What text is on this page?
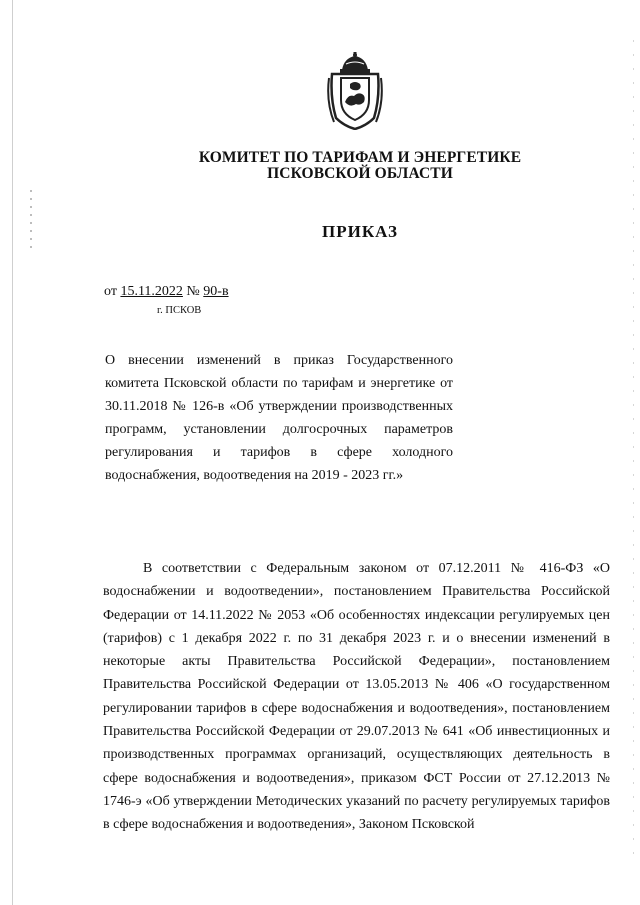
КОМИТЕТ ПО ТАРИФАМ И ЭНЕРГЕТИКЕ
ПСКОВСКОЙ ОБЛАСТИ
ПРИКАЗ
от 15.11.2022 № 90-в
г. ПСКОВ
О внесении изменений в приказ Государственного комитета Псковской области по тарифам и энергетике от 30.11.2018 № 126-в «Об утверждении производственных программ, установлении долгосрочных параметров регулирования и тарифов в сфере холодного водоснабжения, водоотведения на 2019 - 2023 гг.»
В соответствии с Федеральным законом от 07.12.2011 № 416-ФЗ «О водоснабжении и водоотведении», постановлением Правительства Российской Федерации от 14.11.2022 № 2053 «Об особенностях индексации регулируемых цен (тарифов) с 1 декабря 2022 г. по 31 декабря 2023 г. и о внесении изменений в некоторые акты Правительства Российской Федерации», постановлением Правительства Российской Федерации от 13.05.2013 № 406 «О государственном регулировании тарифов в сфере водоснабжения и водоотведения», постановлением Правительства Российской Федерации от 29.07.2013 № 641 «Об инвестиционных и производственных программах организаций, осуществляющих деятельность в сфере водоснабжения и водоотведения», приказом ФСТ России от 27.12.2013 № 1746-э «Об утверждении Методических указаний по расчету регулируемых тарифов в сфере водоснабжения и водоотведения», Законом Псковской
